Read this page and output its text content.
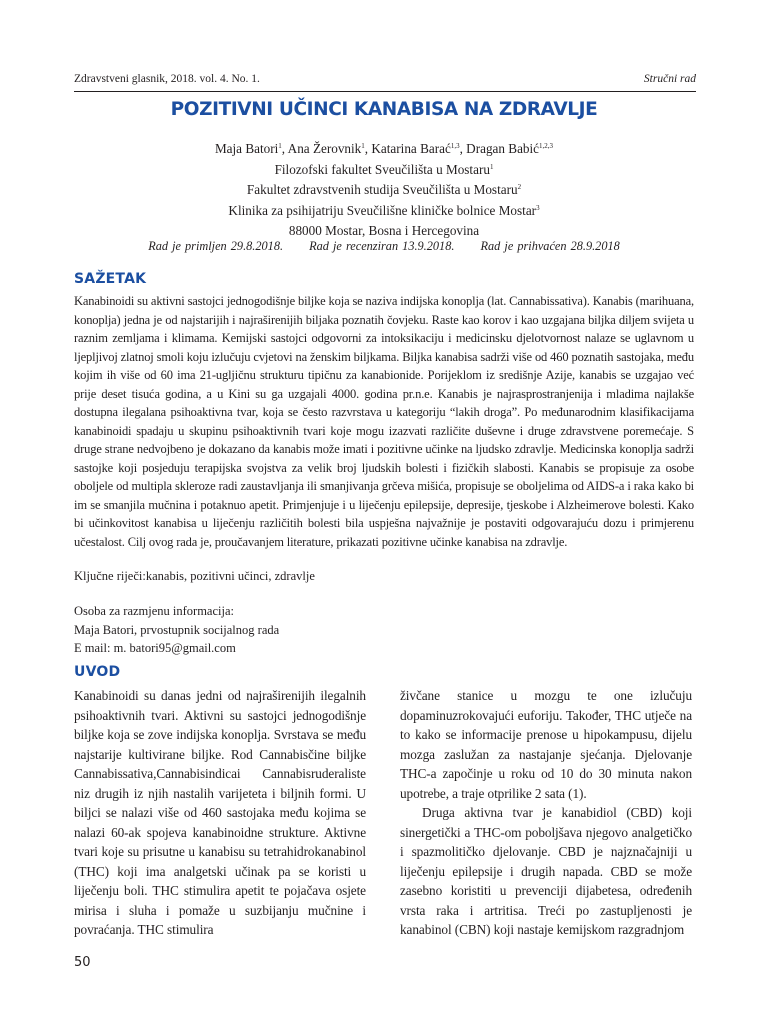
Zdravstveni glasnik, 2018. vol. 4. No. 1.	Stručni rad
POZITIVNI UČINCI KANABISA NA ZDRAVLJE
Maja Batori$^1$, Ana Žerovnik$^1$, Katarina Barać$^{1,3}$, Dragan Babić$^{1,2,3}$
Filozofski fakultet Sveučilišta u Mostaru$^1$
Fakultet zdravstvenih studija Sveučilišta u Mostaru$^2$
Klinika za psihijatriju Sveučilišne kliničke bolnice Mostar$^3$
88000 Mostar, Bosna i Hercegovina
Rad je primljen 29.8.2018. Rad je recenziran 13.9.2018. Rad je prihvaćen 28.9.2018
SAŽETAK

Kanabinoidi su aktivni sastojci jednogodišnje biljke koja se naziva indijska konoplja (lat. Cannabissativa). Kanabis (marihuana, konoplja) jedna je od najstarijih i najraširenijih biljaka poznatih čovjeku. Raste kao korov i kao uzgajana biljka diljem svijeta u raznim zemljama i klimama. Kemijski sastojci odgovorni za intoksikaciju i medicinsku djelotvornost nalaze se uglavnom u ljepljivoj zlatnoj smoli koju izlučuju cvjetovi na ženskim biljkama. Biljka kanabisa sadrži više od 460 poznatih sastojaka, među kojim ih više od 60 ima 21-ugljičnu strukturu tipičnu za kanabionide. Porijeklom iz središnje Azije, kanabis se uzgajao već prije deset tisuća godina, a u Kini su ga uzgajali 4000. godina pr.n.e. Kanabis je najrasprostranjenija i mladima najlakše dostupna ilegalana psihoaktivna tvar, koja se često razvrstava u kategoriju “lakih droga”. Po međunarodnim klasifikacijama kanabinoidi spadaju u skupinu psihoaktivnih tvari koje mogu izazvati različite duševne i druge zdravstvene poremećaje. S druge strane nedvojbeno je dokazano da kanabis može imati i pozitivne učinke na ljudsko zdravlje. Medicinska konoplja sadrži sastojke koji posjeduju terapijska svojstva za velik broj ljudskih bolesti i fizičkih slabosti. Kanabis se propisuje za osobe oboljele od multipla skleroze radi zaustavljanja ili smanjivanja grčeva mišića, propisuje se oboljelima od AIDS-a i raka kako bi im se smanjila mučnina i potaknuo apetit. Primjenjuje i u liječenju epilepsije, depresije, tjeskobe i Alzheimerove bolesti. Kako bi učinkovitost kanabisa u liječenju različitih bolesti bila uspješna najvažnije je postaviti odgovarajuću dozu i primjerenu učestalost. Cilj ovog rada je, proučavanjem literature, prikazati pozitivne učinke kanabisa na zdravlje.

Ključne riječi:kanabis, pozitivni učinci, zdravlje
Osoba za razmjenu informacija:
Maja Batori, prvostupnik socijalnog rada
E mail: m. batori95@gmail.com
UVOD

Kanabinoidi su danas jedni od najraširenijih ilegalnih psihoaktivnih tvari. Aktivni su sastojci jednogodišnje biljke koja se zove indijska konoplja. Svrstava se među najstarije kultivirane biljke. Rod Cannabisčine biljke Cannabissativa,Cannabisindicai Cannabisruderaliste niz drugih iz njih nastalih varijeteta i biljnih formi. U biljci se nalazi više od 460 sastojaka među kojima se nalazi 60-ak spojeva kanabinoidne strukture. Aktivne tvari koje su prisutne u kanabisu su tetrahidrokanabinol (THC) koji ima analgetski učinak pa se koristi u liječenju boli. THC stimulira apetit te pojačava osjete mirisa i sluha i pomaže u suzbijanju mučnine i povraćanja. THC stimulira

živčane stanice u mozgu te one izlučuju dopaminuzrokovajući euforiju. Također, THC utječe na to kako se informacije prenose u hipokampusu, dijelu mozga zaslužan za nastajanje sjećanja. Djelovanje THC-a započinje u roku od 10 do 30 minuta nakon upotrebe, a traje otprilike 2 sata (1).

Druga aktivna tvar je kanabidiol (CBD) koji sinergetički a THC-om poboljšava njegovo analgetičko i spazmolitičko djelovanje. CBD je najznačajniji u liječenju epilepsije i drugih napada. CBD se može zasebno koristiti u prevenciji dijabetesa, određenih vrsta raka i artritisa. Treći po zastupljenosti je kanabinol (CBN) koji nastaje kemijskom razgradnjom

50
